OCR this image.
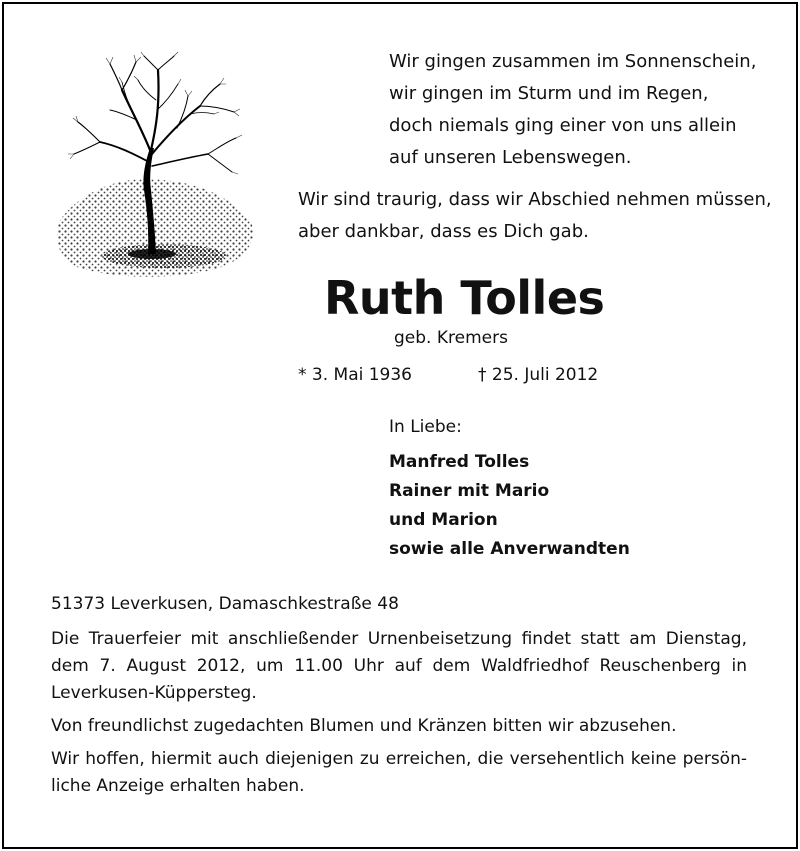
Wir gingen zusammen im Sonnenschein,
wir gingen im Sturm und im Regen,
doch niemals ging einer von uns allein
auf unseren Lebenswegen.
Wir sind traurig, dass wir Abschied nehmen müssen,
aber dankbar, dass es Dich gab.
Ruth Tolles
geb. Kremers
* 3. Mai 1936	† 25. Juli 2012
In Liebe:
Manfred Tolles
Rainer mit Mario
und Marion
sowie alle Anverwandten

51373 Leverkusen, Damaschkestraße 48

Die Trauerfeier mit anschließender Urnenbeisetzung findet statt am Dienstag, dem 7. August 2012, um 11.00 Uhr auf dem Waldfriedhof Reuschenberg in Leverkusen-Küppersteg.

Von freundlichst zugedachten Blumen und Kränzen bitten wir abzusehen.

Wir hoffen, hiermit auch diejenigen zu erreichen, die versehentlich keine persönliche Anzeige erhalten haben.
